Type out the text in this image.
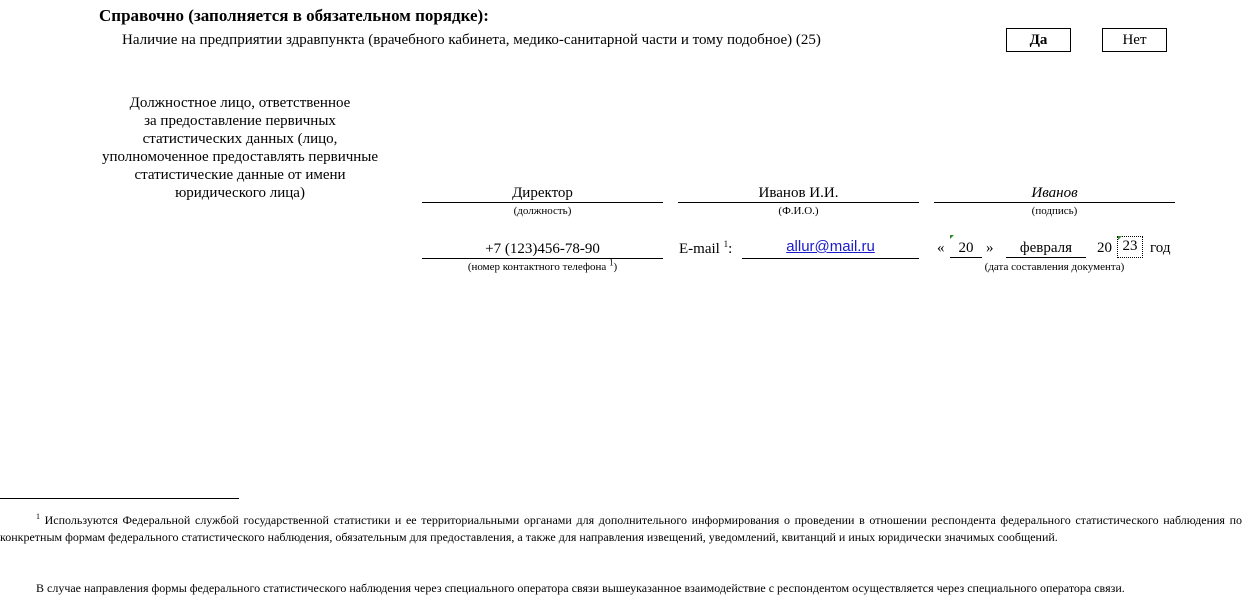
Справочно (заполняется в обязательном порядке):
Наличие на предприятии здравпункта (врачебного кабинета, медико-санитарной части и тому подобное) (25)	Да	Нет
Должностное лицо, ответственное
за предоставление первичных
статистических данных (лицо,
уполномоченное предоставлять первичные
статистические данные от имени
юридического лица)	Директор
(должность)
Иванов И.И.
(Ф.И.О.)
Иванов
(подпись)
+7 (123)456-78-90
(номер контактного телефона $^1$)
E-mail $^1$:	allur@mail.ru	« 20 »	февраля	20 23 год
(дата составления документа)
$^1$ Используются Федеральной службой государственной статистики и ее территориальными органами для дополнительного информирования о проведении в отношении респондента федерального статистического наблюдения по конкретным формам федерального статистического наблюдения, обязательным для предоставления, а также для направления извещений, уведомлений, квитанций и иных юридически значимых сообщений.
В случае направления формы федерального статистического наблюдения через специального оператора связи вышеуказанное взаимодействие с респондентом осуществляется через специального оператора связи.
